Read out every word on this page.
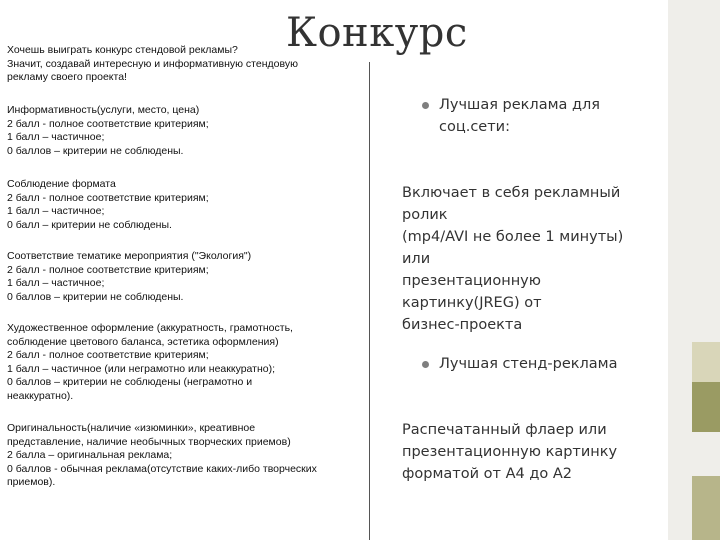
Конкурс

Хочешь выиграть конкурс стендовой рекламы?

Значит, создавай интересную и информативную стендовую

рекламу своего проекта!

Информативность(услуги, место, цена)

2 балл - полное соответствие критериям;

1 балл – частичное;

0 баллов – критерии не соблюдены.

Соблюдение формата

2 балл - полное соответствие критериям;

1 балл – частичное;

0 балл – критерии не соблюдены.

Соответствие тематике мероприятия ("Экология")

2 балл - полное соответствие критериям;

1 балл – частичное;

0 баллов – критерии не соблюдены.

Художественное оформление (аккуратность, грамотность,

соблюдение цветового баланса, эстетика оформления)

2 балл - полное соответствие критериям;

1 балл – частичное (или неграмотно или неаккуратно);

0 баллов – критерии не соблюдены (неграмотно и

неаккуратно).

Оригинальность(наличие «изюминки», креативное

представление, наличие необычных творческих приемов)

2 балла – оригинальная реклама;

0 баллов - обычная реклама(отсутствие каких-либо творческих

приемов).

Лучшая реклама для
соц.сети:

Включает в себя рекламный

ролик

(mp4/AVI не более 1 минуты)

или

презентационную

картинку(JREG) от

бизнес-проекта

Лучшая стенд-реклама

Распечатанный флаер или

презентационную картинку

форматой от А4 до А2
